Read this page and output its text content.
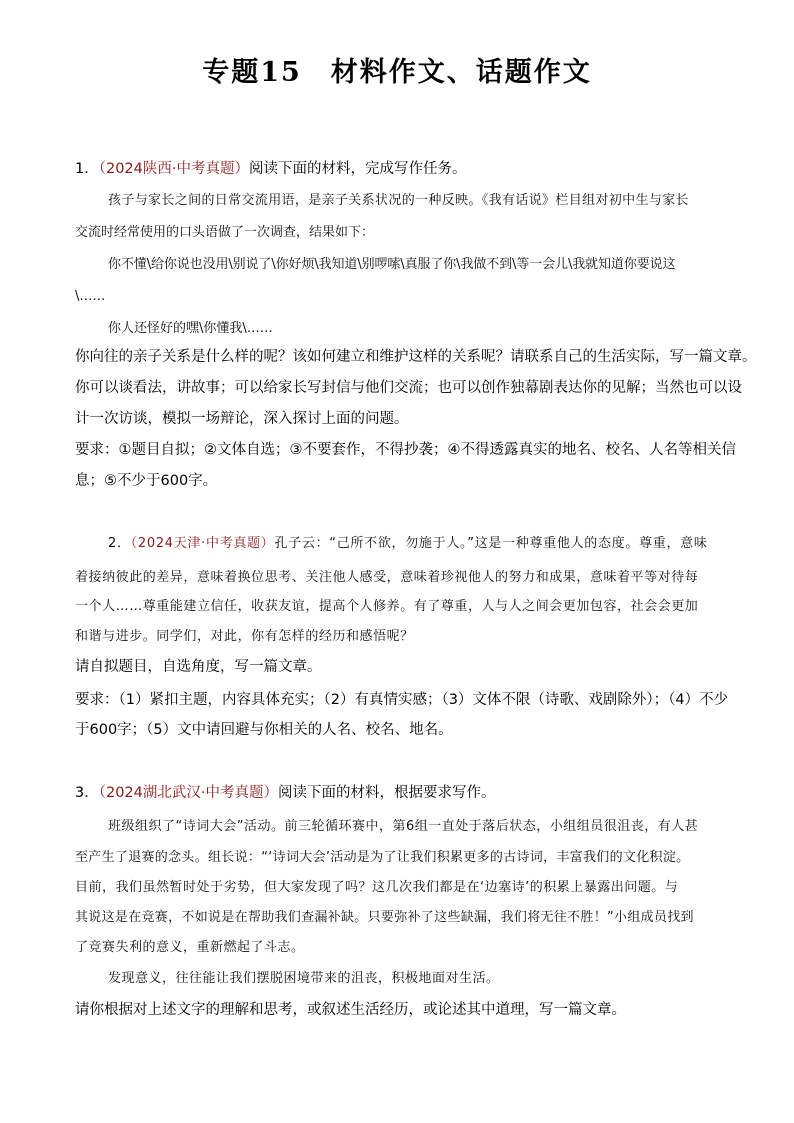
专题15　材料作文、话题作文
1．（2024陕西·中考真题）阅读下面的材料，完成写作任务。
孩子与家长之间的日常交流用语，是亲子关系状况的一种反映。《我有话说》栏目组对初中生与家长
交流时经常使用的口头语做了一次调查，结果如下：
你不懂\给你说也没用\别说了\你好烦\我知道\别啰嗦\真服了你\我做不到\等一会儿\我就知道你要说这
\……
你人还怪好的嘿\你懂我\……
你向往的亲子关系是什么样的呢？该如何建立和维护这样的关系呢？请联系自己的生活实际，写一篇文章。
你可以谈看法，讲故事；可以给家长写封信与他们交流；也可以创作独幕剧表达你的见解；当然也可以设
计一次访谈，模拟一场辩论，深入探讨上面的问题。
要求：①题目自拟；②文体自选；③不要套作，不得抄袭；④不得透露真实的地名、校名、人名等相关信
息；⑤不少于600字。
2．（2024天津·中考真题）孔子云：“己所不欲，勿施于人。”这是一种尊重他人的态度。尊重，意味
着接纳彼此的差异，意味着换位思考、关注他人感受，意味着珍视他人的努力和成果，意味着平等对待每
一个人……尊重能建立信任，收获友谊，提高个人修养。有了尊重，人与人之间会更加包容，社会会更加
和谐与进步。同学们，对此，你有怎样的经历和感悟呢？
请自拟题目，自选角度，写一篇文章。
要求：（1）紧扣主题，内容具体充实；（2）有真情实感；（3）文体不限（诗歌、戏剧除外）；（4）不少
于600字；（5）文中请回避与你相关的人名、校名、地名。
3．（2024湖北武汉·中考真题）阅读下面的材料，根据要求写作。
班级组织了“诗词大会”活动。前三轮循环赛中，第6组一直处于落后状态，小组组员很沮丧，有人甚
至产生了退赛的念头。组长说：“‘诗词大会’活动是为了让我们积累更多的古诗词，丰富我们的文化积淀。
目前，我们虽然暂时处于劣势，但大家发现了吗？这几次我们都是在‘边塞诗’的积累上暴露出问题。与
其说这是在竞赛，不如说是在帮助我们查漏补缺。只要弥补了这些缺漏，我们将无往不胜！”小组成员找到
了竞赛失利的意义，重新燃起了斗志。
发现意义，往往能让我们摆脱困境带来的沮丧，积极地面对生活。
请你根据对上述文字的理解和思考，或叙述生活经历，或论述其中道理，写一篇文章。
